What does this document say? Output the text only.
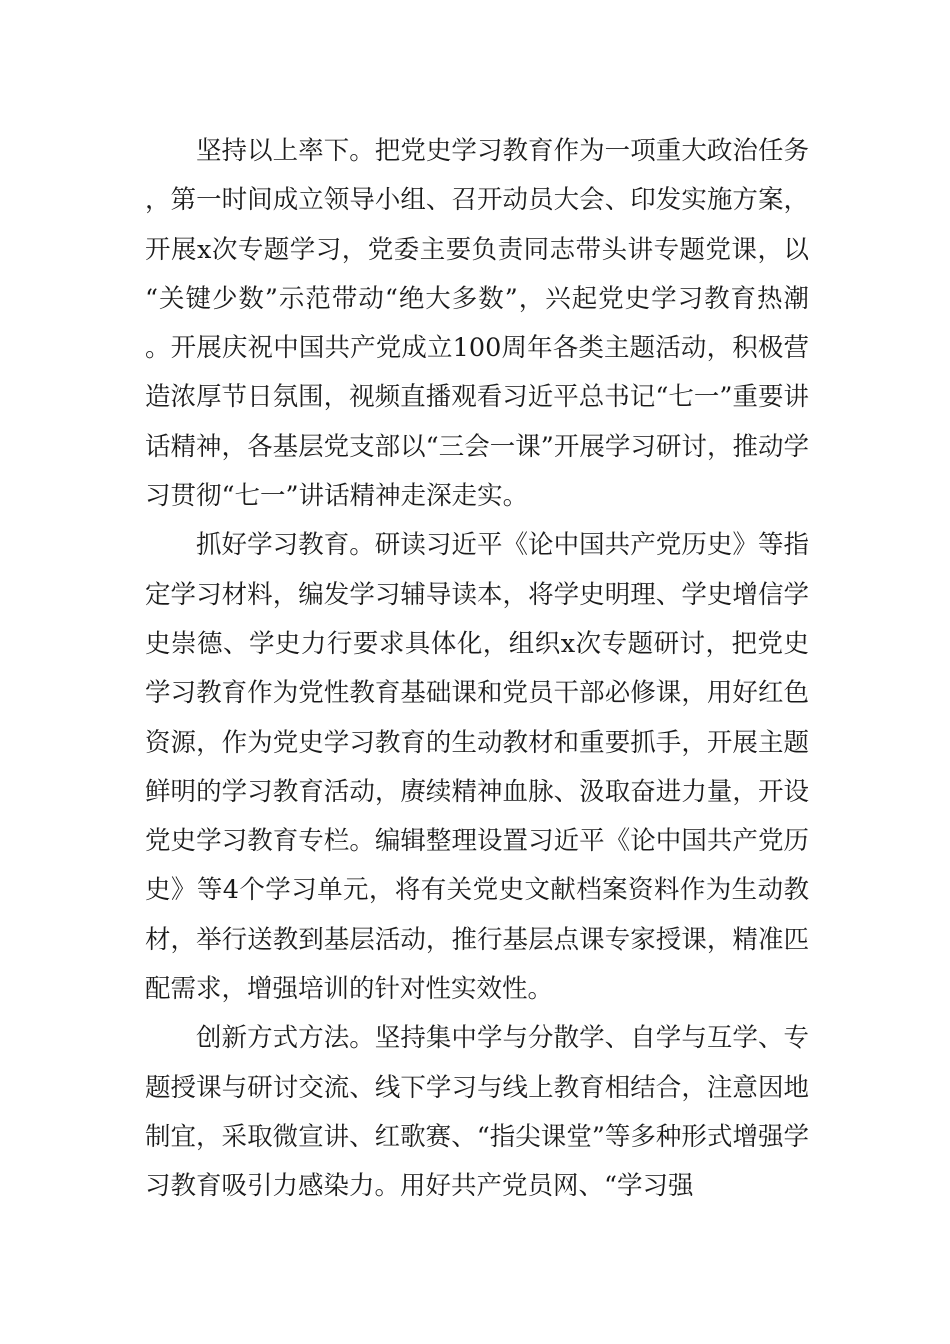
坚持以上率下。把党史学习教育作为一项重大政治任务，第一时间成立领导小组、召开动员大会、印发实施方案，开展x次专题学习，党委主要负责同志带头讲专题党课，以“关键少数”示范带动“绝大多数”，兴起党史学习教育热潮。开展庆祝中国共产党成立100周年各类主题活动，积极营造浓厚节日氛围，视频直播观看习近平总书记“七一”重要讲话精神，各基层党支部以“三会一课”开展学习研讨，推动学习贯彻“七一”讲话精神走深走实。

抓好学习教育。研读习近平《论中国共产党历史》等指定学习材料，编发学习辅导读本，将学史明理、学史增信学史崇德、学史力行要求具体化，组织x次专题研讨，把党史学习教育作为党性教育基础课和党员干部必修课，用好红色资源，作为党史学习教育的生动教材和重要抓手，开展主题鲜明的学习教育活动，赓续精神血脉、汲取奋进力量，开设党史学习教育专栏。编辑整理设置习近平《论中国共产党历史》等4个学习单元，将有关党史文献档案资料作为生动教材，举行送教到基层活动，推行基层点课专家授课，精准匹配需求，增强培训的针对性实效性。

创新方式方法。坚持集中学与分散学、自学与互学、专题授课与研讨交流、线下学习与线上教育相结合，注意因地制宜，采取微宣讲、红歌赛、“指尖课堂”等多种形式增强学习教育吸引力感染力。用好共产党员网、“学习强
